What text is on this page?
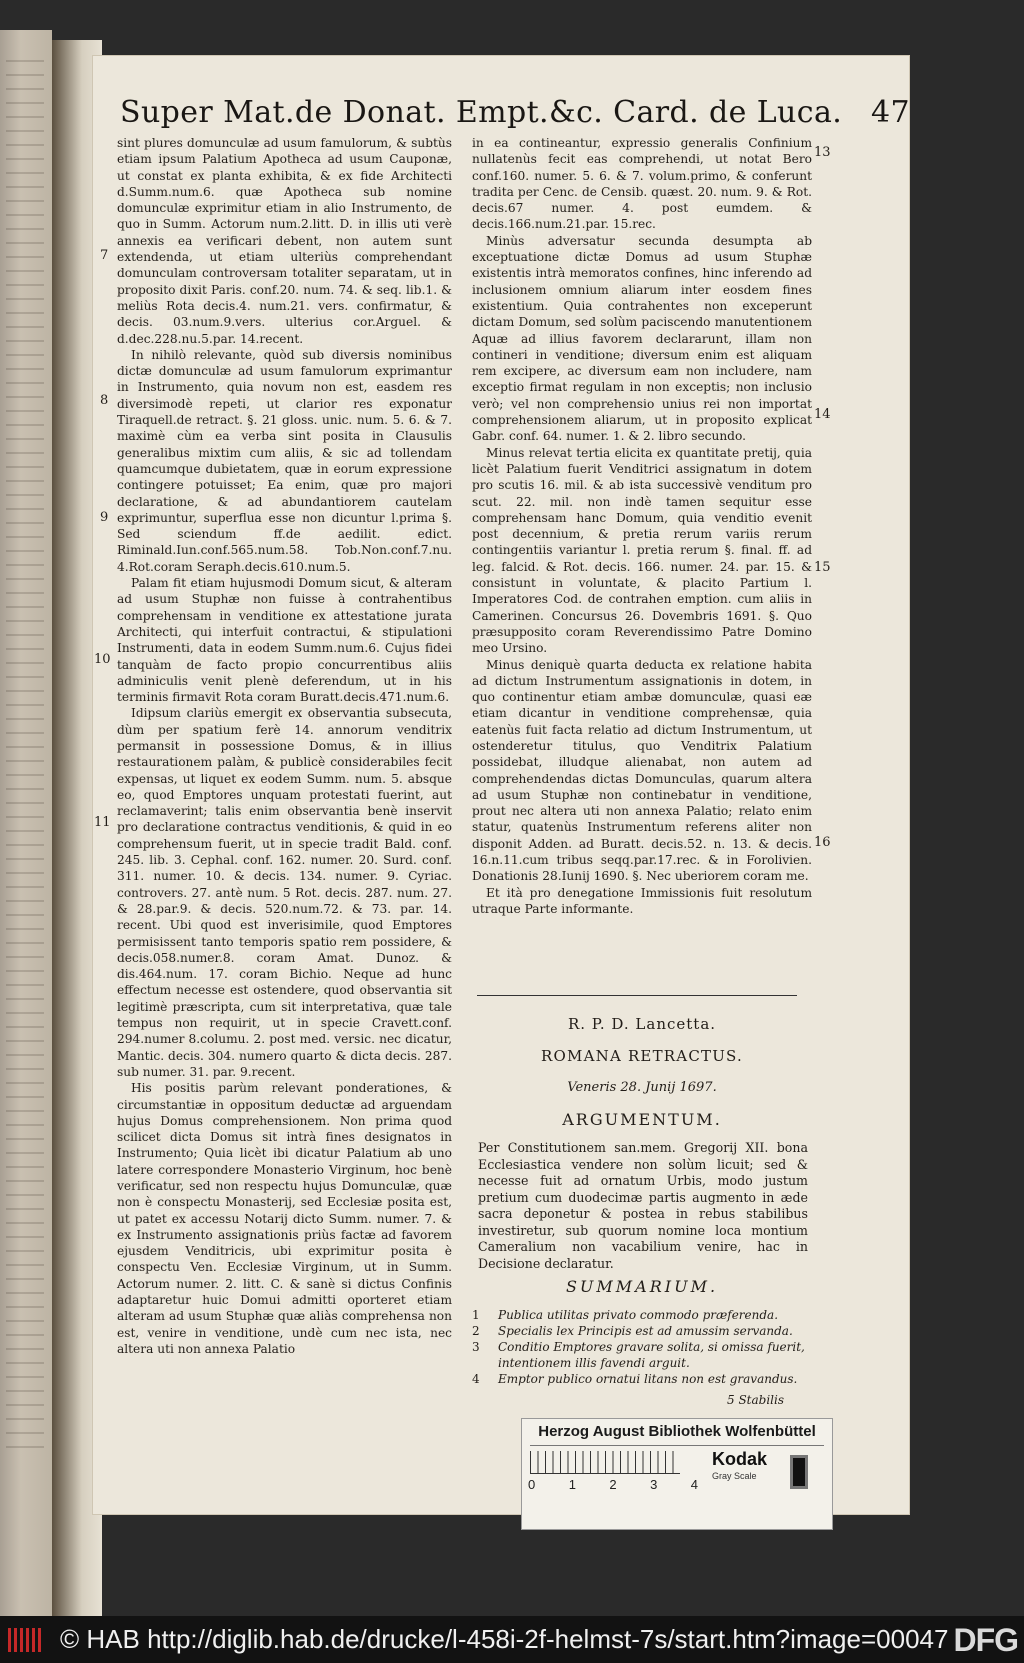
Super Mat.de Donat. Empt.&c. Card. de Luca. 47

sint plures domunculæ ad usum famulorum, & subtùs etiam ipsum Palatium Apotheca ad usum Cauponæ, ut constat ex planta exhibita, & ex fide Architecti d.Summ.num.6. quæ Apotheca sub nomine domunculæ exprimitur etiam in alio Instrumento, de quo in Summ. Actorum num.2.litt. D. in illis uti verè annexis ea verificari debent, non autem sunt extendenda, ut etiam ulteriùs comprehendant domunculam controversam totaliter separatam, ut in proposito dixit Paris. conf.20. num. 74. & seq. lib.1. & meliùs Rota decis.4. num.21. vers. confirmatur, & decis. 03.num.9.vers. ulterius cor.Arguel. & d.dec.228.nu.5.par. 14.recent.

In nihilò relevante, quòd sub diversis nominibus dictæ domunculæ ad usum famulorum exprimantur in Instrumento, quia novum non est, easdem res diversimodè repeti, ut clarior res exponatur Tiraquell.de retract. §. 21 gloss. unic. num. 5. 6. & 7. maximè cùm ea verba sint posita in Clausulis generalibus mixtim cum aliis, & sic ad tollendam quamcumque dubietatem, quæ in eorum expressione contingere potuisset; Ea enim, quæ pro majori declaratione, & ad abundantiorem cautelam exprimuntur, superflua esse non dicuntur l.prima §. Sed sciendum ff.de aedilit. edict. Riminald.Iun.conf.565.num.58. Tob.Non.conf.7.nu. 4.Rot.coram Seraph.decis.610.num.5.

Palam fit etiam hujusmodi Domum sicut, & alteram ad usum Stuphæ non fuisse à contrahentibus comprehensam in venditione ex attestatione jurata Architecti, qui interfuit contractui, & stipulationi Instrumenti, data in eodem Summ.num.6. Cujus fidei tanquàm de facto propio concurrentibus aliis adminiculis venit plenè deferendum, ut in his terminis firmavit Rota coram Buratt.decis.471.num.6.

Idipsum clariùs emergit ex observantia subsecuta, dùm per spatium ferè 14. annorum venditrix permansit in possessione Domus, & in illius restaurationem palàm, & publicè considerabiles fecit expensas, ut liquet ex eodem Summ. num. 5. absque eo, quod Emptores unquam protestati fuerint, aut reclamaverint; talis enim observantia benè inservit pro declaratione contractus venditionis, & quid in eo comprehensum fuerit, ut in specie tradit Bald. conf. 245. lib. 3. Cephal. conf. 162. numer. 20. Surd. conf. 311. numer. 10. & decis. 134. numer. 9. Cyriac. controvers. 27. antè num. 5 Rot. decis. 287. num. 27. & 28.par.9. & decis. 520.num.72. & 73. par. 14. recent. Ubi quod est inverisimile, quod Emptores permisissent tanto temporis spatio rem possidere, & decis.058.numer.8. coram Amat. Dunoz. & dis.464.num. 17. coram Bichio. Neque ad hunc effectum necesse est ostendere, quod observantia sit legitimè præscripta, cum sit interpretativa, quæ tale tempus non requirit, ut in specie Cravett.conf. 294.numer 8.columu. 2. post med. versic. nec dicatur, Mantic. decis. 304. numero quarto & dicta decis. 287. sub numer. 31. par. 9.recent.

His positis parùm relevant ponderationes, & circumstantiæ in oppositum deductæ ad arguendam hujus Domus comprehensionem. Non prima quod scilicet dicta Domus sit intrà fines designatos in Instrumento; Quia licèt ibi dicatur Palatium ab uno latere correspondere Monasterio Virginum, hoc benè verificatur, sed non respectu hujus Domunculæ, quæ non è conspectu Monasterij, sed Ecclesiæ posita est, ut patet ex accessu Notarij dicto Summ. numer. 7. & ex Instrumento assignationis priùs factæ ad favorem ejusdem Venditricis, ubi exprimitur posita è conspectu Ven. Ecclesiæ Virginum, ut in Summ. Actorum numer. 2. litt. C. & sanè si dictus Confinis adaptaretur huic Domui admitti oporteret etiam alteram ad usum Stuphæ quæ aliàs comprehensa non est, venire in venditione, undè cum nec ista, nec altera uti non annexa Palatio

in ea contineantur, expressio generalis Confinium nullatenùs fecit eas comprehendi, ut notat Bero conf.160. numer. 5. 6. & 7. volum.primo, & conferunt tradita per Cenc. de Censib. quæst. 20. num. 9. & Rot. decis.67 numer. 4. post eumdem. & decis.166.num.21.par. 15.rec.

Minùs adversatur secunda desumpta ab exceptuatione dictæ Domus ad usum Stuphæ existentis intrà memoratos confines, hinc inferendo ad inclusionem omnium aliarum inter eosdem fines existentium. Quia contrahentes non exceperunt dictam Domum, sed solùm paciscendo manutentionem Aquæ ad illius favorem declararunt, illam non contineri in venditione; diversum enim est aliquam rem excipere, ac diversum eam non includere, nam exceptio firmat regulam in non exceptis; non inclusio verò; vel non comprehensio unius rei non importat comprehensionem aliarum, ut in proposito explicat Gabr. conf. 64. numer. 1. & 2. libro secundo.

Minus relevat tertia elicita ex quantitate pretij, quia licèt Palatium fuerit Venditrici assignatum in dotem pro scutis 16. mil. & ab ista successivè venditum pro scut. 22. mil. non indè tamen sequitur esse comprehensam hanc Domum, quia venditio evenit post decennium, & pretia rerum variis rerum contingentiis variantur l. pretia rerum §. final. ff. ad leg. falcid. & Rot. decis. 166. numer. 24. par. 15. & consistunt in voluntate, & placito Partium l. Imperatores Cod. de contrahen emption. cum aliis in Camerinen. Concursus 26. Dovembris 1691. §. Quo præsupposito coram Reverendissimo Patre Domino meo Ursino.

Minus deniquè quarta deducta ex relatione habita ad dictum Instrumentum assignationis in dotem, in quo continentur etiam ambæ domunculæ, quasi eæ etiam dicantur in venditione comprehensæ, quia eatenùs fuit facta relatio ad dictum Instrumentum, ut ostenderetur titulus, quo Venditrix Palatium possidebat, illudque alienabat, non autem ad comprehendendas dictas Domunculas, quarum altera ad usum Stuphæ non continebatur in venditione, prout nec altera uti non annexa Palatio; relato enim statur, quatenùs Instrumentum referens aliter non disponit Adden. ad Buratt. decis.52. n. 13. & decis. 16.n.11.cum tribus seqq.par.17.rec. & in Forolivien. Donationis 28.Iunij 1690. §. Nec uberiorem coram me.

Et ità pro denegatione Immissionis fuit resolutum utraque Parte informante.

7
8
9
10
11
13
14
15
16
R. P. D. Lancetta.
ROMANA RETRACTUS.
Veneris 28. Junij 1697.
ARGUMENTUM.
Per Constitutionem san.mem. Gregorij XII. bona Ecclesiastica vendere non solùm licuit; sed & necesse fuit ad ornatum Urbis, modo justum pretium cum duodecimæ partis augmento in æde sacra deponetur & postea in rebus stabilibus investiretur, sub quorum nomine loca montium Cameralium non vacabilium venire, hac in Decisione declaratur.
SUMMARIUM.
1 Publica utilitas privato commodo præferenda.
2 Specialis lex Principis est ad amussim servanda.
3 Conditio Emptores gravare solita, si omissa fuerit, intentionem illis favendi arguit.
4 Emptor publico ornatui litans non est gravandus.
5 Stabilis
Herzog August Bibliothek Wolfenbüttel
0	1	2	3	4
Kodak
Gray Scale
© HAB http://diglib.hab.de/drucke/l-458i-2f-helmst-7s/start.htm?image=00047 DFG
